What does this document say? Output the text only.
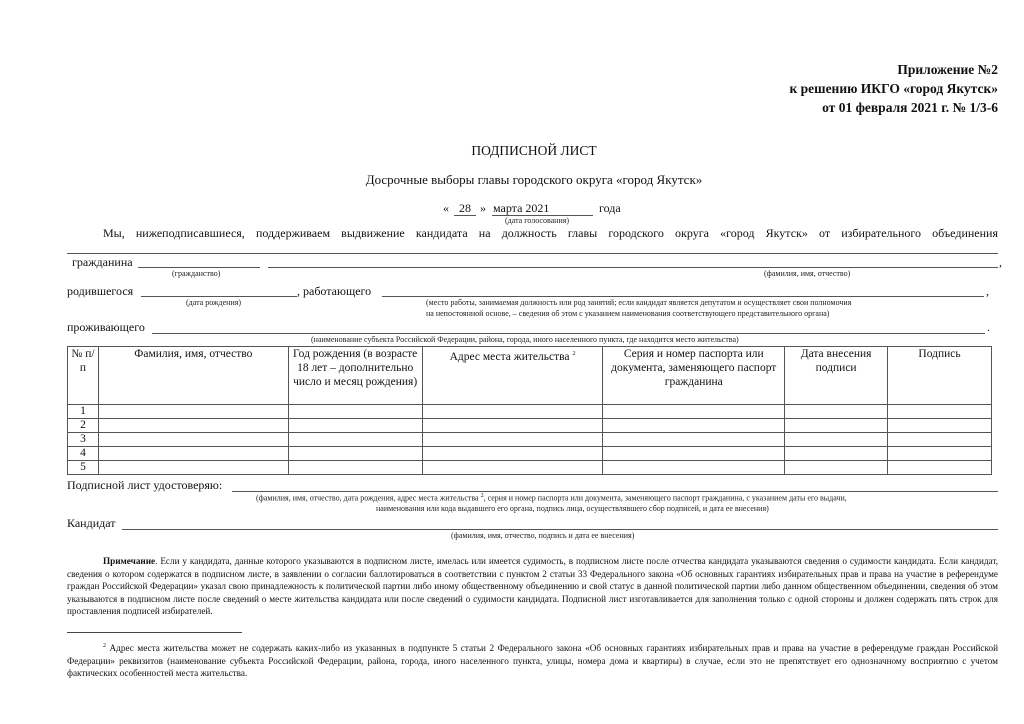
Приложение №2
к решению ИКГО «город Якутск»
от 01 февраля 2021 г. № 1/3-6
ПОДПИСНОЙ ЛИСТ
Досрочные выборы главы городского округа «город Якутск»
« 28 » марта 2021	года
(дата голосования)
Мы, нижеподписавшиеся, поддерживаем выдвижение кандидата на должность главы городского округа «город Якутск» от избирательного объединения
гражданина	,
(гражданство)	(фамилия, имя, отчество)
родившегося	, работающего	,
(дата рождения)	(место работы, занимаемая должность или род занятий; если кандидат является депутатом и осуществляет свои полномочия
на непостоянной основе, – сведения об этом с указанием наименования соответствующего представительного органа)
проживающего	.
(наименование субъекта Российской Федерации, района, города, иного населенного пункта, где находится место жительства)
№ п/п	Фамилия, имя, отчество	Год рождения (в возрасте 18 лет – дополнительно число и месяц рождения)	Адрес места жительства $^2$	Серия и номер паспорта или документа, заменяющего паспорт гражданина	Дата внесения подписи	Подпись
1						
2						
3						
4						
5						
Подписной лист удостоверяю:
(фамилия, имя, отчество, дата рождения, адрес места жительства $^2$, серия и номер паспорта или документа, заменяющего паспорт гражданина, с указанием даты его выдачи,
наименования или кода выдавшего его органа, подпись лица, осуществлявшего сбор подписей, и дата ее внесения)
Кандидат
(фамилия, имя, отчество, подпись и дата ее внесения)
Примечание. Если у кандидата, данные которого указываются в подписном листе, имелась или имеется судимость, в подписном листе после отчества кандидата указываются сведения о судимости кандидата. Если кандидат, сведения о котором содержатся в подписном листе, в заявлении о согласии баллотироваться в соответствии с пунктом 2 статьи 33 Федерального закона «Об основных гарантиях избирательных прав и права на участие в референдуме граждан Российской Федерации» указал свою принадлежность к политической партии либо иному общественному объединению и свой статус в данной политической партии либо данном общественном объединении, сведения об этом указываются в подписном листе после сведений о месте жительства кандидата или после сведений о судимости кандидата. Подписной лист изготавливается для заполнения только с одной стороны и должен содержать пять строк для проставления подписей избирателей.
$^2$ Адрес места жительства может не содержать каких-либо из указанных в подпункте 5 статьи 2 Федерального закона «Об основных гарантиях избирательных прав и права на участие в референдуме граждан Российской Федерации» реквизитов (наименование субъекта Российской Федерации, района, города, иного населенного пункта, улицы, номера дома и квартиры) в случае, если это не препятствует его однозначному восприятию с учетом фактических особенностей места жительства.
